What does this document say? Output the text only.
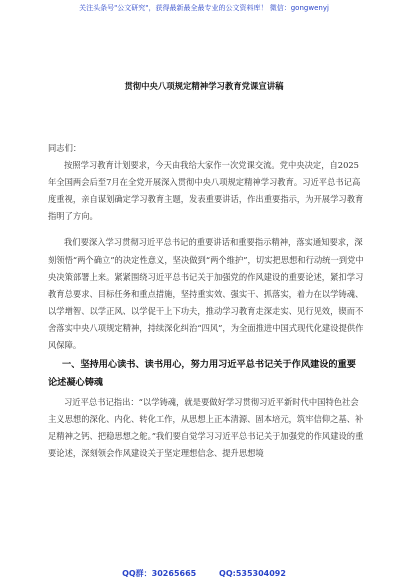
关注头条号"公文研究"，获得最新最全最专业的公文资料库！ 微信：gongwenyj
贯彻中央八项规定精神学习教育党课宣讲稿

同志们：

按照学习教育计划要求，今天由我给大家作一次党课交流。党中央决定，自2025年全国两会后至7月在全党开展深入贯彻中央八项规定精神学习教育。习近平总书记高度重视，亲自谋划确定学习教育主题，发表重要讲话，作出重要指示，为开展学习教育指明了方向。

我们要深入学习贯彻习近平总书记的重要讲话和重要指示精神，落实通知要求，深刻领悟“两个确立”的决定性意义，坚决做到“两个维护”，切实把思想和行动统一到党中央决策部署上来。紧紧围绕习近平总书记关于加强党的作风建设的重要论述，紧扣学习教育总要求、目标任务和重点措施，坚持重实效、强实干、抓落实，着力在以学铸魂、以学增智、以学正风、以学促干上下功夫，推动学习教育走深走实、见行见效，锲而不舍落实中央八项规定精神，持续深化纠治“四风”，为全面推进中国式现代化建设提供作风保障。

一、坚持用心读书、读书用心，努力用习近平总书记关于作风建设的重要论述凝心铸魂

习近平总书记指出：“以学铸魂，就是要做好学习贯彻习近平新时代中国特色社会主义思想的深化、内化、转化工作，从思想上正本清源、固本培元，筑牢信仰之基、补足精神之钙、把稳思想之舵。”我们要自觉学习习近平总书记关于加强党的作风建设的重要论述，深刻领会作风建设关于坚定理想信念、提升思想境

QQ群：30265665	QQ:535304092
